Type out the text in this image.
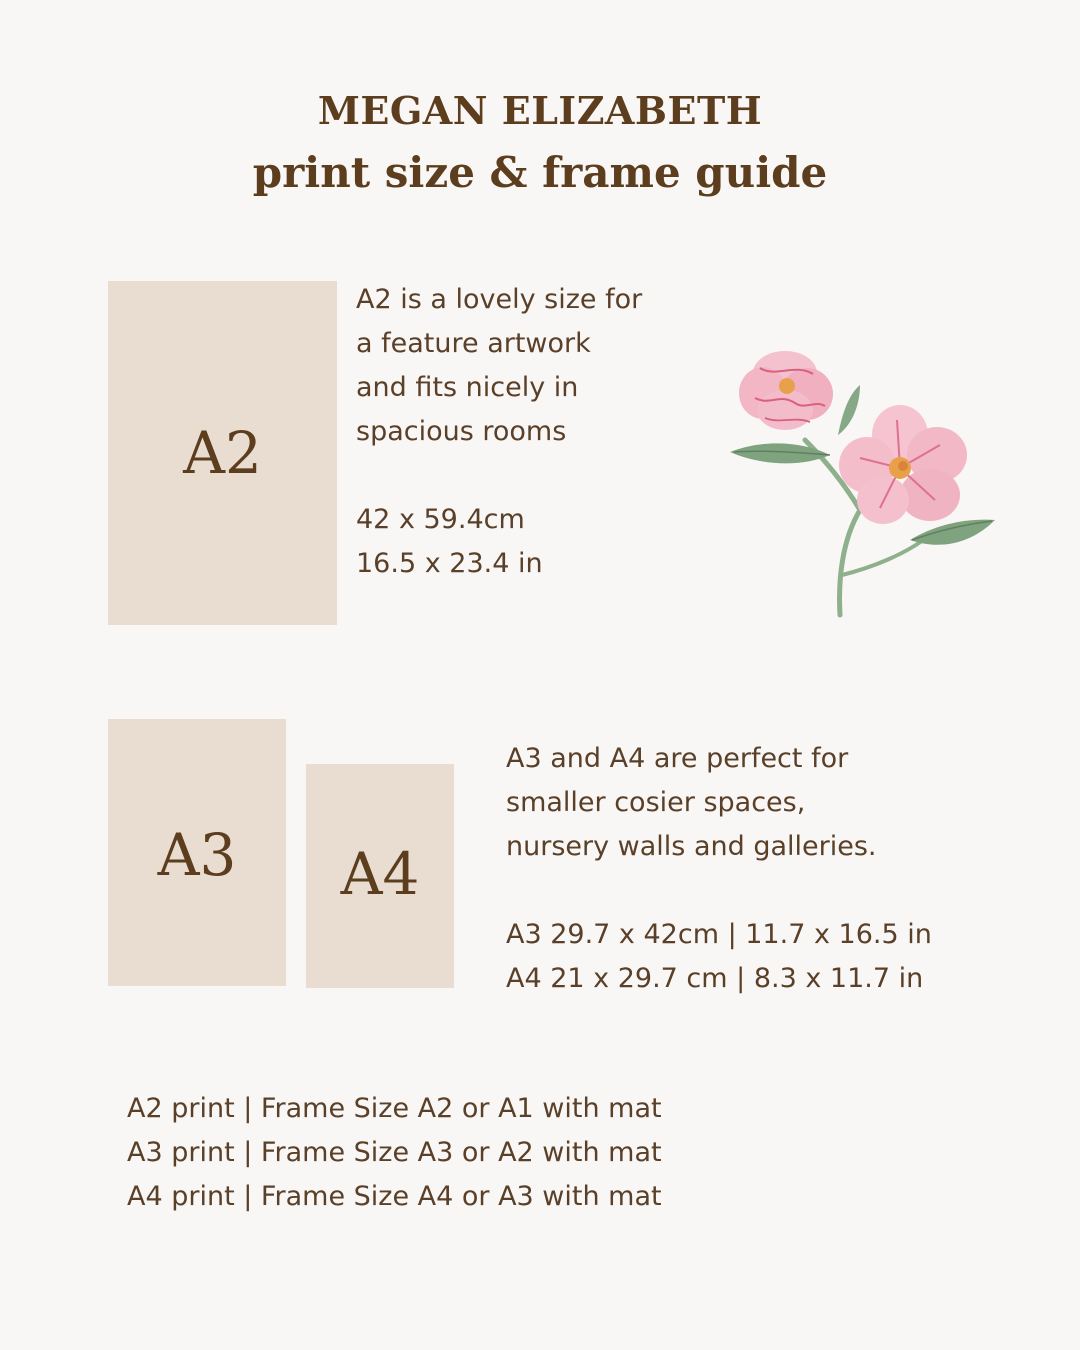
MEGAN ELIZABETH
print size & frame guide
A2
A2 is a lovely size for
a feature artwork
and fits nicely in
spacious rooms
42 x 59.4cm
16.5 x 23.4 in
A3 A4
A3 and A4 are perfect for
smaller cosier spaces,
nursery walls and galleries.
A3 29.7 x 42cm | 11.7 x 16.5 in
A4 21 x 29.7 cm | 8.3 x 11.7 in
A2 print | Frame Size A2 or A1 with mat
A3 print | Frame Size A3 or A2 with mat
A4 print | Frame Size A4 or A3 with mat
